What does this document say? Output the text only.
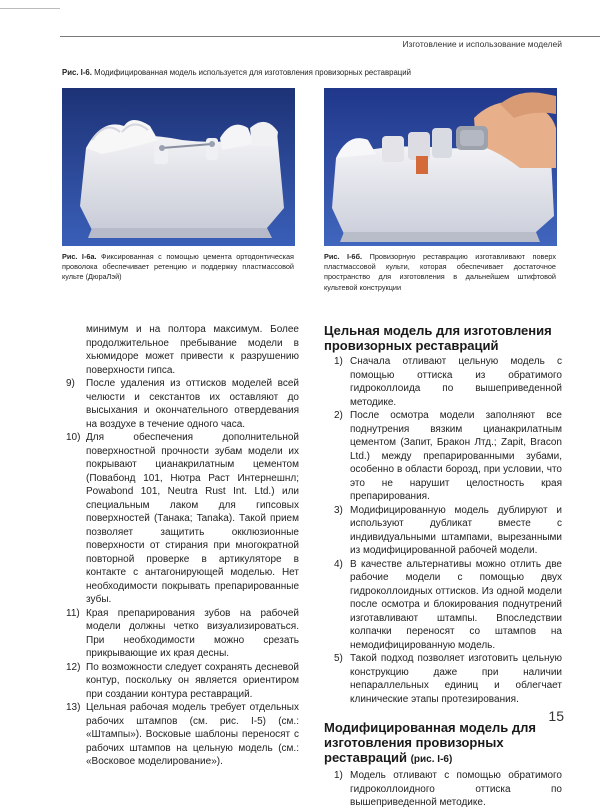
Изготовление и использование моделей
Рис. I-6. Модифицированная модель используется для изготовления провизорных реставраций
Рис. I-6а. Фиксированная с помощью цемента ортодонтическая проволока обеспечивает ретенцию и поддержку пластмассовой культе (ДюраЛэй)
Рис. I-6б. Провизорную реставрацию изготавливают поверх пластмассовой культи, которая обеспечивает достаточное пространство для изготовления в дальнейшем штифтовой культевой конструкции

минимум и на полтора максимум. Более продолжительное пребывание модели в хьюмидоре может привести к разрушению поверхности гипса.

9) После удаления из оттисков моделей всей челюсти и секстантов их оставляют до высыхания и окончательного отвердевания на воздухе в течение одного часа.
10) Для обеспечения дополнительной поверхностной прочности зубам модели их покрывают цианакрилатным цементом (Повабонд 101, Нютра Раст Интернешнл; Powabond 101, Neutra Rust Int. Ltd.) или специальным лаком для гипсовых поверхностей (Танака; Tanaka). Такой прием позволяет защитить окклюзионные поверхности от стирания при многократной повторной проверке в артикуляторе в контакте с антагонирующей моделью. Нет необходимости покрывать препарированные зубы.
11) Края препарирования зубов на рабочей модели должны четко визуализироваться. При необходимости можно срезать прикрывающие их края десны.
12) По возможности следует сохранять десневой контур, поскольку он является ориентиром при создании контура реставраций.
13) Цельная рабочая модель требует отдельных рабочих штампов (см. рис. I-5) (см.: «Штампы»). Восковые шаблоны переносят с рабочих штампов на цельную модель (см.: «Восковое моделирование»).
Цельная модель для изготовления провизорных реставраций
1) Сначала отливают цельную модель с помощью оттиска из обратимого гидроколлоида по вышеприведенной методике.
2) После осмотра модели заполняют все поднутрения вязким цианакрилатным цементом (Запит, Бракон Лтд.; Zapit, Bracon Ltd.) между препарированными зубами, особенно в области борозд, при условии, что это не нарушит целостность края препарирования.
3) Модифицированную модель дублируют и используют дубликат вместе с индивидуальными штампами, вырезанными из модифицированной рабочей модели.
4) В качестве альтернативы можно отлить две рабочие модели с помощью двух гидроколлоидных оттисков. Из одной модели после осмотра и блокирования поднутрений изготавливают штампы. Впоследствии колпачки переносят со штампов на немодифицированную модель.
5) Такой подход позволяет изготовить цельную конструкцию даже при наличии непараллельных единиц и облегчает клинические этапы протезирования.
Модифицированная модель для изготовления провизорных реставраций (рис. I-6)
1) Модель отливают с помощью обратимого гидроколлоидного оттиска по вышеприведенной методике.
15
